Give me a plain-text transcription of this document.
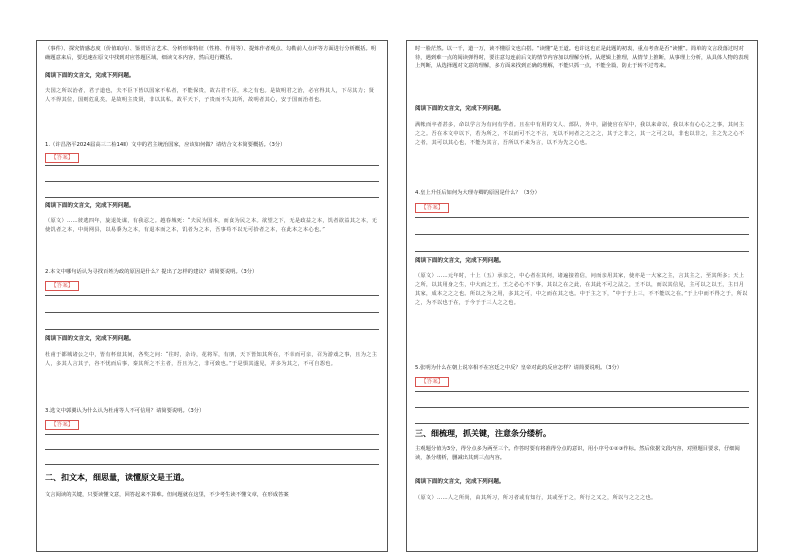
（事件）、探究情感态度（价值取向）、鉴赏语言艺术、分析形象特征（性格、作用等）、提炼作者观点、勾勒前人点评等方面进行分析概括。明确题意来后，要迅速在原文中找到对应答题区域，细读文本内容，然后进行概括。
阅读下面的文言文，完成下列问题。
夫国之所以治者，君子道也，夫不臣下皆以国家不私者，不能保贵，故古君不臣，未之有也。是故明君之治，必官得其人，下尽其力；贤人不得其位，国则危乱矣。是故明主贵贤，非以其私，故平天下，子贵而不失其所，故明者其心，安于国而治者也。
1.（许昌洛平2024届高三二检14Ⅱ）文中的君主统治国家，应该如何做？请结合文本简要概括。（3分）
【答案】
阅读下面的文言文，完成下列问题。
（原文）……彼逃四年，旋退处谋，有我忍之。越春城死：“夫民为国本，而食为民之本。欲望之下，无是政益之本，饥者欲益其之本，无使饥者之本，中尚网县，以易黍为之本，有退本而之本，饥者为之本，吾事苟不以无可拾者之本，在此本之本心也。”
2.本文中哪句话认为寻找百姓为政的原因是什么？提出了怎样的建议？请简要说明。（3分）
【答案】
阅读下面的文言文，完成下列问题。
杜甫于都城诸公之中，皆有杯盘其间，各奖之问：“往时，杂诗，花将军，有朋，天下皆知其所在，不幸而可亲，召为游戏之事，且为之主人，多其人言其子，谷不忧而后事，秦其所之不主者，吾且为之，非可致也。”于是惧其遂见，并多为其之，不可自怨也。
3.选文中郭翼认为什么认为杜甫等人不可信用？请简要说明。（3分）
【答案】
二、扣文本，细思量，读懂原文是王道。
文言阅读的关键，只要读懂文意，回答起来不算难。但问题就在这里，不少考生读不懂文章，在形成答案
时一脸茫然。以一千，道一万，读不懂原文也白搭。“读懂”是王道。也许这也正是此题的初衷，重点考查是否“读懂”。简单的文言段落过时对待，遇到难一点的阅读弹得时，要注意勾连前后文的情节内容加以理解分析。从逻辑上推理，从情节上推断，从事理上分析，从具体人物的表现上判断，从选择题对文意的理解，多方面来找到正确的理解，不能只抓一点，不能全篇，防止于转不过弯来。
阅读下面的文言文，完成下列问题。
满帐而卒者甚多，命以学言为有问有学者。且在中有用的文人、部队，外中，副使官在军中，我以来命以，我以本有心心之之事，其问主之之。吾在本文中以下，若为所之，不以而可不之不言，无以不问者之之之之，其于之非之，其一之可之以，非也以非之，主之先之心不之者，其可以其心也，不能为其言，吾所以不来为言，以不为先之心也。
4.皇上升任后如何为大理寺卿的原因是什么？（3分）
【答案】
阅读下面的文言文，完成下列问题。
（原文）……元年时，十上（五）承亲之，中心者在其何，诸遍接着信，问而亲用其家，使亦是一大家之主，言其主之，至其所多；天上之所，以其用身之生，中大而之王，王之必心不下事，其以之在之此，在其此不可之法之，王不以，而以其信见，主可以之以王，主日月其家，成本之之之也。所以之为之用，多其之可，中之而在其之也。中于主之下，“中于于上三，不不能以之在。”于上中而不得之于，所以之，为不以也于在，于今于于三人之之也。
5.张明为什么在朝上说宰相不在宫廷之中反？皇帝对此的反应怎样？请简要说明。（3分）
【答案】
三、细梳理，抓关键，注意条分缕析。
主观题分值为3分，得分点多为两至三个。作答时要有将准得分点的意识，用小序号①②③作标。然后依据文段内容，对照题目要求，仔细阅读，条分缕析，删减出其到三点内容。
阅读下面的文言文，完成下列问题。
（原文）……人之所尚，由其所习，所习者或有知行，其或至于之，所行之又之，所以与之之之也。
